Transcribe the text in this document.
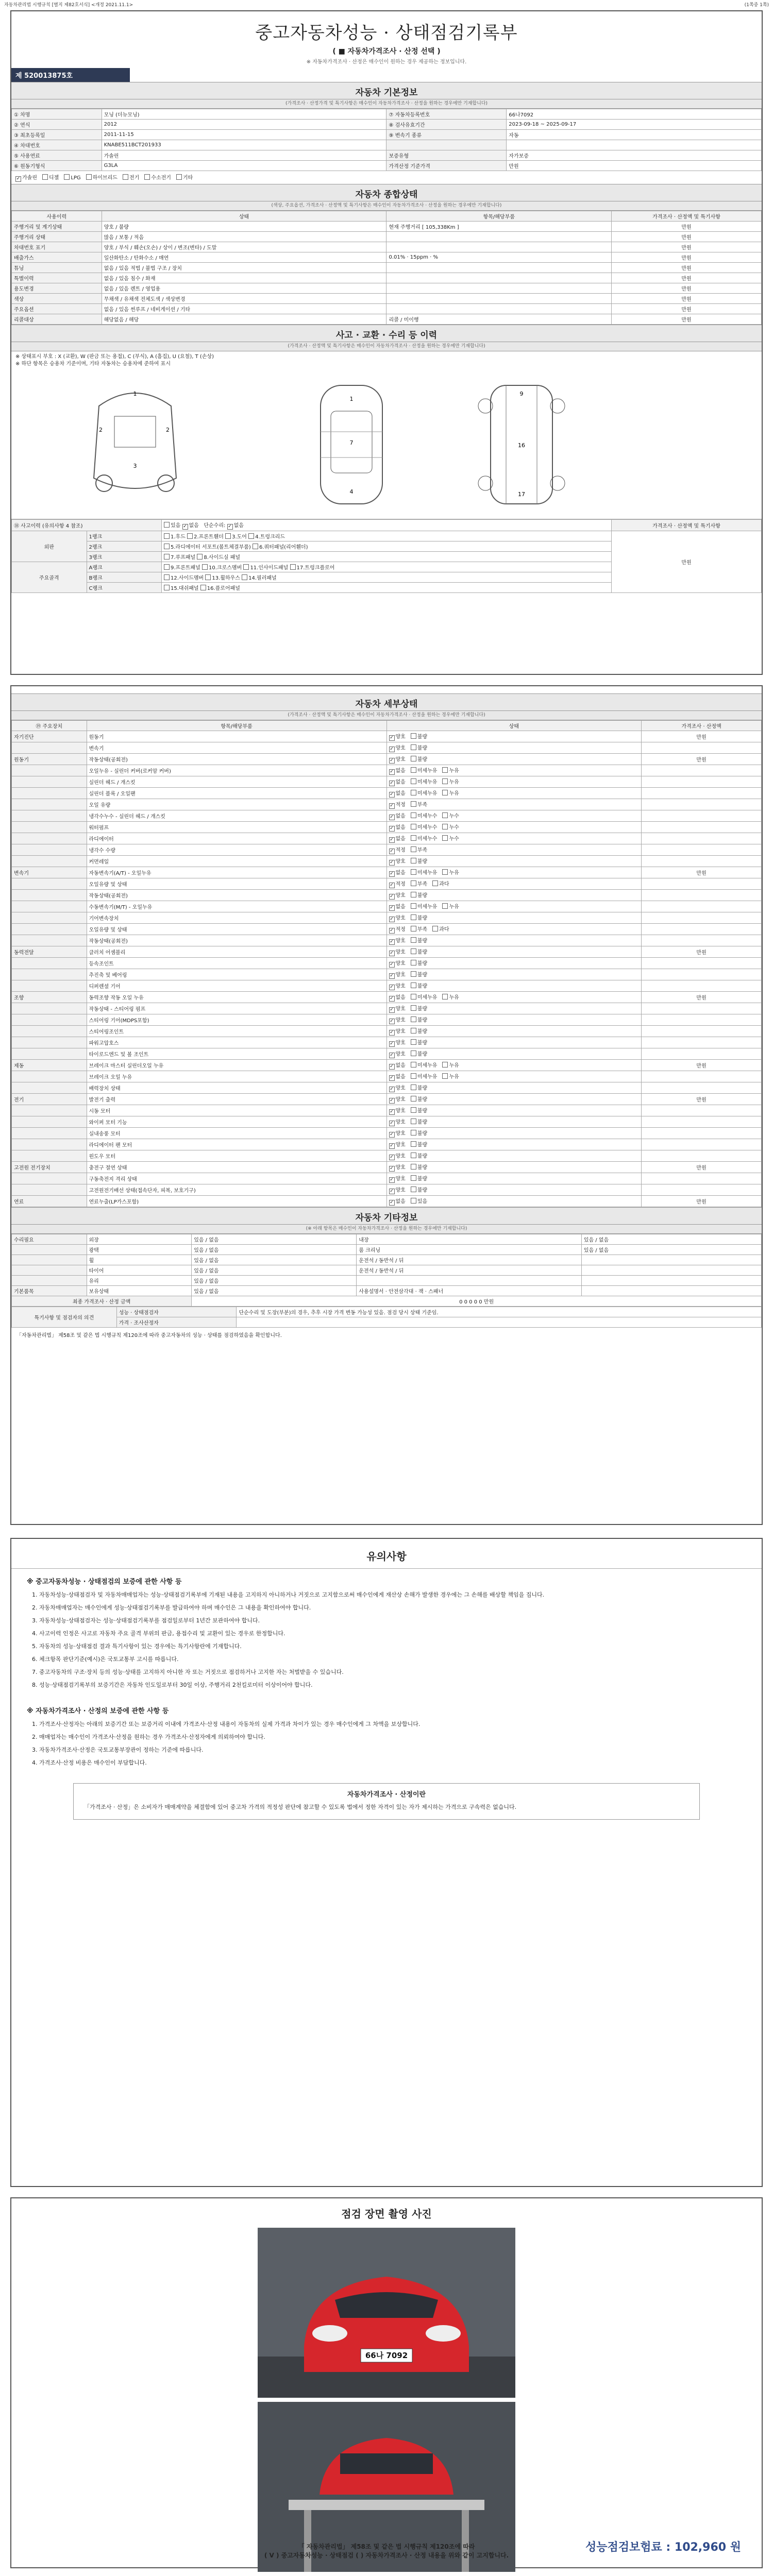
자동차관리법 시행규칙 [별지 제82호서식] <개정 2021.11.1>	(1쪽중 1쪽)
중고자동차성능 · 상태점검기록부
( ■ 자동차가격조사 · 산정 선택 )
※ 자동차가격조사 · 산정은 매수인이 원하는 경우 제공하는 정보입니다.
제 520013875호
자동차 기본정보
(가격조사 · 산정가격 및 특기사항은 매수인이 자동차가격조사 · 산정을 원하는 경우에만 기재합니다)
① 차명	모닝 (더뉴모닝)	⑦ 자동차등록번호	66나7092
② 연식	2012	⑧ 검사유효기간	2023-09-18 ~ 2025-09-17
③ 최초등록일	2011-11-15	⑨ 변속기 종류	자동
④ 차대번호	KNABE511BCT201933		
⑤ 사용연료	가솔린	보증유형	자가보증
⑥ 원동기형식	G3LA	가격산정 기준가격	만원
✓가솔린 디젤 LPG 하이브리드 전기 수소전기 기타
자동차 종합상태
(색상, 주요옵션, 가격조사 · 산정액 및 특기사항은 매수인이 자동차가격조사 · 산정을 원하는 경우에만 기재합니다)
사용이력	상태	항목/해당부품	가격조사 · 산정액 및 특기사항
주행거리 및 계기상태	양호 / 불량	현재 주행거리 [ 105,338Km ]	만원
주행거리 상태	많음 / 보통 / 적음		만원
차대번호 표기	양호 / 부식 / 훼손(오손) / 상이 / 변조(변타) / 도말		만원
배출가스	일산화탄소 / 탄화수소 / 매연	0.01% · 15ppm · %	만원
튜닝	없음 / 있음 적법 / 불법 구조 / 장치		만원
특별이력	없음 / 있음 침수 / 화재		만원
용도변경	없음 / 있음 렌트 / 영업용		만원
색상	무채색 / 유채색 전체도색 / 색상변경		만원
주요옵션	없음 / 있음 썬루프 / 네비게이션 / 기타		만원
리콜대상	해당없음 / 해당	리콜 / 미이행	만원
사고 · 교환 · 수리 등 이력
(가격조사 · 산정액 및 특기사항은 매수인이 자동차가격조사 · 산정을 원하는 경우에만 기재합니다)
※ 상태표시 부호 : X (교환), W (판금 또는 용접), C (부식), A (흠집), U (요철), T (손상)
※ 하단 항목은 승용차 기준이며, 기타 자동차는 승용차에 준하여 표시
1
2	2
3
1
7
4
9
16
17
⑱ 사고이력 (유의사항 4 참조)		있음 ✓없음 단순수리: ✓없음	가격조사 · 산정액 및 특기사항
외판	1랭크	1.후드 2.프론트휀더 3.도어 4.트렁크리드	만원
	2랭크	5.라디에이터 서포트(볼트체결부품) 6.쿼터패널(리어휀더)	
	3랭크	7.루프패널 8.사이드실 패널	
주요골격	A랭크	9.프론트패널 10.크로스멤버 11.인사이드패널 17.트렁크플로어	
	B랭크	12.사이드멤버 13.휠하우스 14.필러패널	
	C랭크	15.대쉬패널 16.플로어패널	
자동차 세부상태
(가격조사 · 산정액 및 특기사항은 매수인이 자동차가격조사 · 산정을 원하는 경우에만 기재합니다)
⑲ 주요장치	항목/해당부품	상태	가격조사 · 산정액
자기진단	원동기	✓양호 불량	만원
	변속기	✓양호 불량	
원동기	작동상태(공회전)	✓양호 불량	만원
	오일누유 - 실린더 커버(로커암 커버)	✓없음 미세누유 누유	
	실린더 헤드 / 개스킷	✓없음 미세누유 누유	
	실린더 블록 / 오일팬	✓없음 미세누유 누유	
	오일 유량	✓적정 부족	
	냉각수누수 - 실린더 헤드 / 개스킷	✓없음 미세누수 누수	
	워터펌프	✓없음 미세누수 누수	
	라디에이터	✓없음 미세누수 누수	
	냉각수 수량	✓적정 부족	
	커먼레일	✓양호 불량	
변속기	자동변속기(A/T) - 오일누유	✓없음 미세누유 누유	만원
	오일유량 및 상태	✓적정 부족 과다	
	작동상태(공회전)	✓양호 불량	
	수동변속기(M/T) - 오일누유	✓없음 미세누유 누유	
	기어변속장치	✓양호 불량	
	오일유량 및 상태	✓적정 부족 과다	
	작동상태(공회전)	✓양호 불량	
동력전달	클러치 어셈블리	✓양호 불량	만원
	등속조인트	✓양호 불량	
	추진축 및 베어링	✓양호 불량	
	디퍼렌셜 기어	✓양호 불량	
조향	동력조향 작동 오일 누유	✓없음 미세누유 누유	만원
	작동상태 - 스티어링 펌프	✓양호 불량	
	스티어링 기어(MDPS포함)	✓양호 불량	
	스티어링조인트	✓양호 불량	
	파워고압호스	✓양호 불량	
	타이로드엔드 및 볼 조인트	✓양호 불량	
제동	브레이크 마스터 실린더오일 누유	✓없음 미세누유 누유	만원
	브레이크 오일 누유	✓없음 미세누유 누유	
	배력장치 상태	✓양호 불량	
전기	발전기 출력	✓양호 불량	만원
	시동 모터	✓양호 불량	
	와이퍼 모터 기능	✓양호 불량	
	실내송풍 모터	✓양호 불량	
	라디에이터 팬 모터	✓양호 불량	
	윈도우 모터	✓양호 불량	
고전원 전기장치	충전구 절연 상태	✓양호 불량	만원
	구동축전지 격리 상태	✓양호 불량	
	고전원전기배선 상태(접속단자, 피복, 보호기구)	✓양호 불량	
연료	연료누출(LP가스포함)	✓없음 있음	만원
자동차 기타정보
(※ 아래 항목은 매수인이 자동차가격조사 · 산정을 원하는 경우에만 기재합니다)
수리필요	외장	있음 / 없음	내장	있음 / 없음
	광택	있음 / 없음	룸 크리닝	있음 / 없음
	휠	있음 / 없음	운전석 / 동반석 / 뒤	
	타이어	있음 / 없음	운전석 / 동반석 / 뒤	
	유리	있음 / 없음		
기본품목	보유상태	있음 / 없음	사용설명서 · 안전삼각대 · 잭 · 스패너	
최종 가격조사 · 산정 금액		0 0 0 0 0 만원		
특기사항 및 점검자의 의견	성능 · 상태점검자	단순수리 및 도장(부분)의 경우, 추후 시장 가격 변동 가능성 있음. 점검 당시 상태 기준임.
	가격 · 조사산정자	
「자동차관리법」 제58조 및 같은 법 시행규칙 제120조에 따라 중고자동차의 성능 · 상태를 점검하였음을 확인합니다.
유의사항
※ 중고자동차성능 · 상태점검의 보증에 관한 사항 등

1. 자동차성능·상태점검자 및 자동차매매업자는 성능·상태점검기록부에 기재된 내용을 고지하지 아니하거나 거짓으로 고지함으로써 매수인에게 재산상 손해가 발생한 경우에는 그 손해를 배상할 책임을 집니다.

2. 자동차매매업자는 매수인에게 성능·상태점검기록부를 발급하여야 하며 매수인은 그 내용을 확인하여야 합니다.

3. 자동차성능·상태점검자는 성능·상태점검기록부를 점검일로부터 1년간 보관하여야 합니다.

4. 사고이력 인정은 사고로 자동차 주요 골격 부위의 판금, 용접수리 및 교환이 있는 경우로 한정합니다.

5. 자동차의 성능·상태점검 결과 특기사항이 있는 경우에는 특기사항란에 기재합니다.

6. 체크항목 판단기준(예시)은 국토교통부 고시를 따릅니다.

7. 중고자동차의 구조·장치 등의 성능·상태를 고지하지 아니한 자 또는 거짓으로 점검하거나 고지한 자는 처벌받을 수 있습니다.

8. 성능·상태점검기록부의 보증기간은 자동차 인도일로부터 30일 이상, 주행거리 2천킬로미터 이상이어야 합니다.

※ 자동차가격조사 · 산정의 보증에 관한 사항 등

1. 가격조사·산정자는 아래의 보증기간 또는 보증거리 이내에 가격조사·산정 내용이 자동차의 실제 가격과 차이가 있는 경우 매수인에게 그 차액을 보상합니다.

2. 매매업자는 매수인이 가격조사·산정을 원하는 경우 가격조사·산정자에게 의뢰하여야 합니다.

3. 자동차가격조사·산정은 국토교통부장관이 정하는 기준에 따릅니다.

4. 가격조사·산정 비용은 매수인이 부담합니다.

자동차가격조사 · 산정이란

「가격조사 · 산정」은 소비자가 매매계약을 체결함에 있어 중고차 가격의 적정성 판단에 참고할 수 있도록 법에서 정한 자격이 있는 자가 제시하는 가격으로 구속력은 없습니다.

점검 장면 촬영 사진
66나 7092
성능점검보험료 : 102,960 원
「 자동차관리법」 제58조 및 같은 법 시행규칙 제120조에 따라
( V ) 중고자동차성능 · 상태점검 ( ) 자동차가격조사 · 산정 내용을 위와 같이 고지합니다.
